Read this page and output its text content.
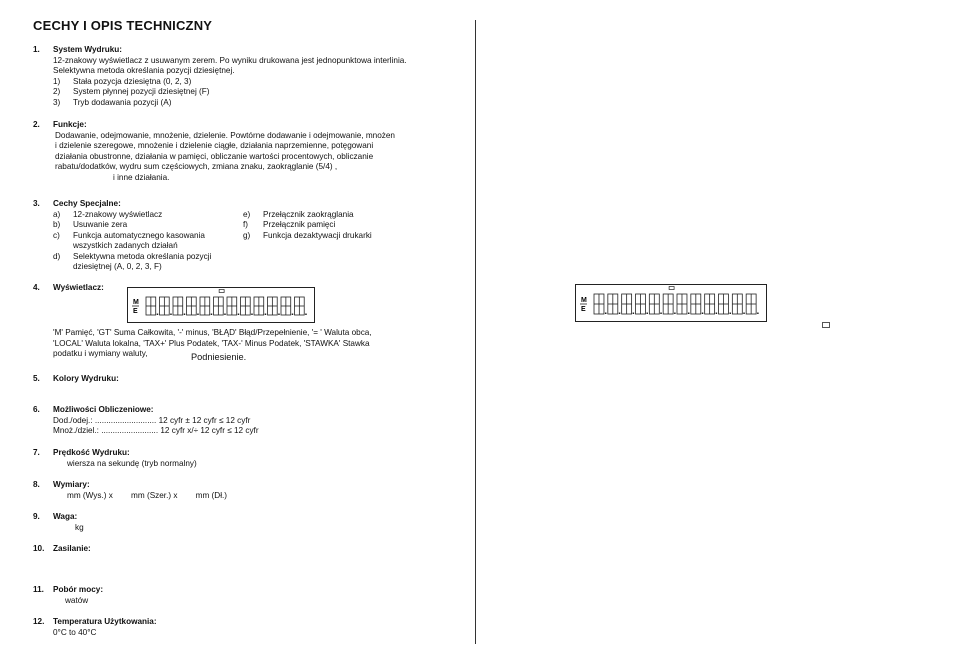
CECHY I OPIS TECHNICZNY
1. System Wydruku:
12-znakowy wyświetlacz z usuwanym zerem. Po wyniku drukowana jest jednopunktowa interlinia.
Selektywna metoda określania pozycji dziesiętnej.
1) Stała pozycja dziesiętna (0, 2, 3)
2) System płynnej pozycji dziesiętnej (F)
3) Tryb dodawania pozycji (A)
2. Funkcje:
Dodawanie, odejmowanie, mnożenie, dzielenie. Powtórne dodawanie i odejmowanie, mnożen
i dzielenie szeregowe, mnożenie i dzielenie ciągłe, działania naprzemienne, potęgowani
działania obustronne, działania w pamięci, obliczanie wartości procentowych, obliczanie
rabatu/dodatków, wydru sum częściowych, zmiana znaku, zaokrąglanie (5/4) ,
i inne działania.
3. Cechy Specjalne:
a) 12-znakowy wyświetlacz
b) Usuwanie zera
c) Funkcja automatycznego kasowania
wszystkich zadanych działań
d) Selektywna metoda określania pozycji
dziesiętnej (A, 0, 2, 3, F)
e) Przełącznik zaokrąglania
f) Przełącznik pamięci
g) Funkcja dezaktywacji drukarki
4. Wyświetlacz:
M
E
'M' Pamięć, 'GT' Suma Całkowita, '-' minus, 'BŁĄD' Błąd/Przepełnienie, '= ' Waluta obca,
'LOCAL' Waluta lokalna, 'TAX+' Plus Podatek, 'TAX-' Minus Podatek, 'STAWKA' Stawka
podatku i wymiany waluty,	Podniesienie.
5. Kolory Wydruku:
6. Możliwości Obliczeniowe:
Dod./odej.: ........................... 12 cyfr ± 12 cyfr ≤ 12 cyfr
Mnoż./dziel.: ......................... 12 cyfr x/÷ 12 cyfr ≤ 12 cyfr
7. Prędkość Wydruku:
wiersza na sekundę (tryb normalny)
8. Wymiary:
mm (Wys.) x        mm (Szer.) x        mm (Dł.)
9. Waga:
kg
10. Zasilanie:
11. Pobór mocy:
watów
12. Temperatura Użytkowania:
0°C to 40°C
M
E
